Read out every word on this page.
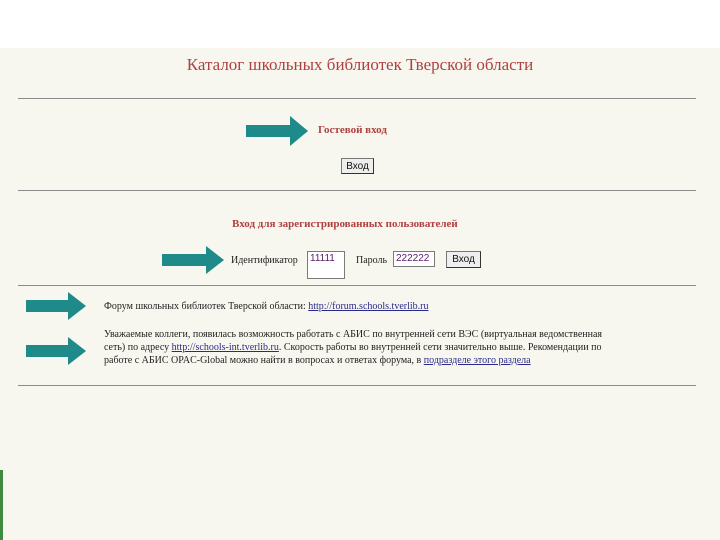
Каталог школьных библиотек Тверской области
Гостевой вход
Вход
Вход для зарегистрированных пользователей
Идентификатор	11111	Пароль 222222	Вход
Форум школьных библиотек Тверской области: http://forum.schools.tverlib.ru
Уважаемые коллеги, появилась возможность работать с АБИС по внутренней сети ВЭС (виртуальная ведомственная сеть) по адресу http://schools-int.tverlib.ru. Скорость работы во внутренней сети значительно выше. Рекомендации по работе с АБИС OPAC-Global можно найти в вопросах и ответах форума, в подразделе этого раздела
